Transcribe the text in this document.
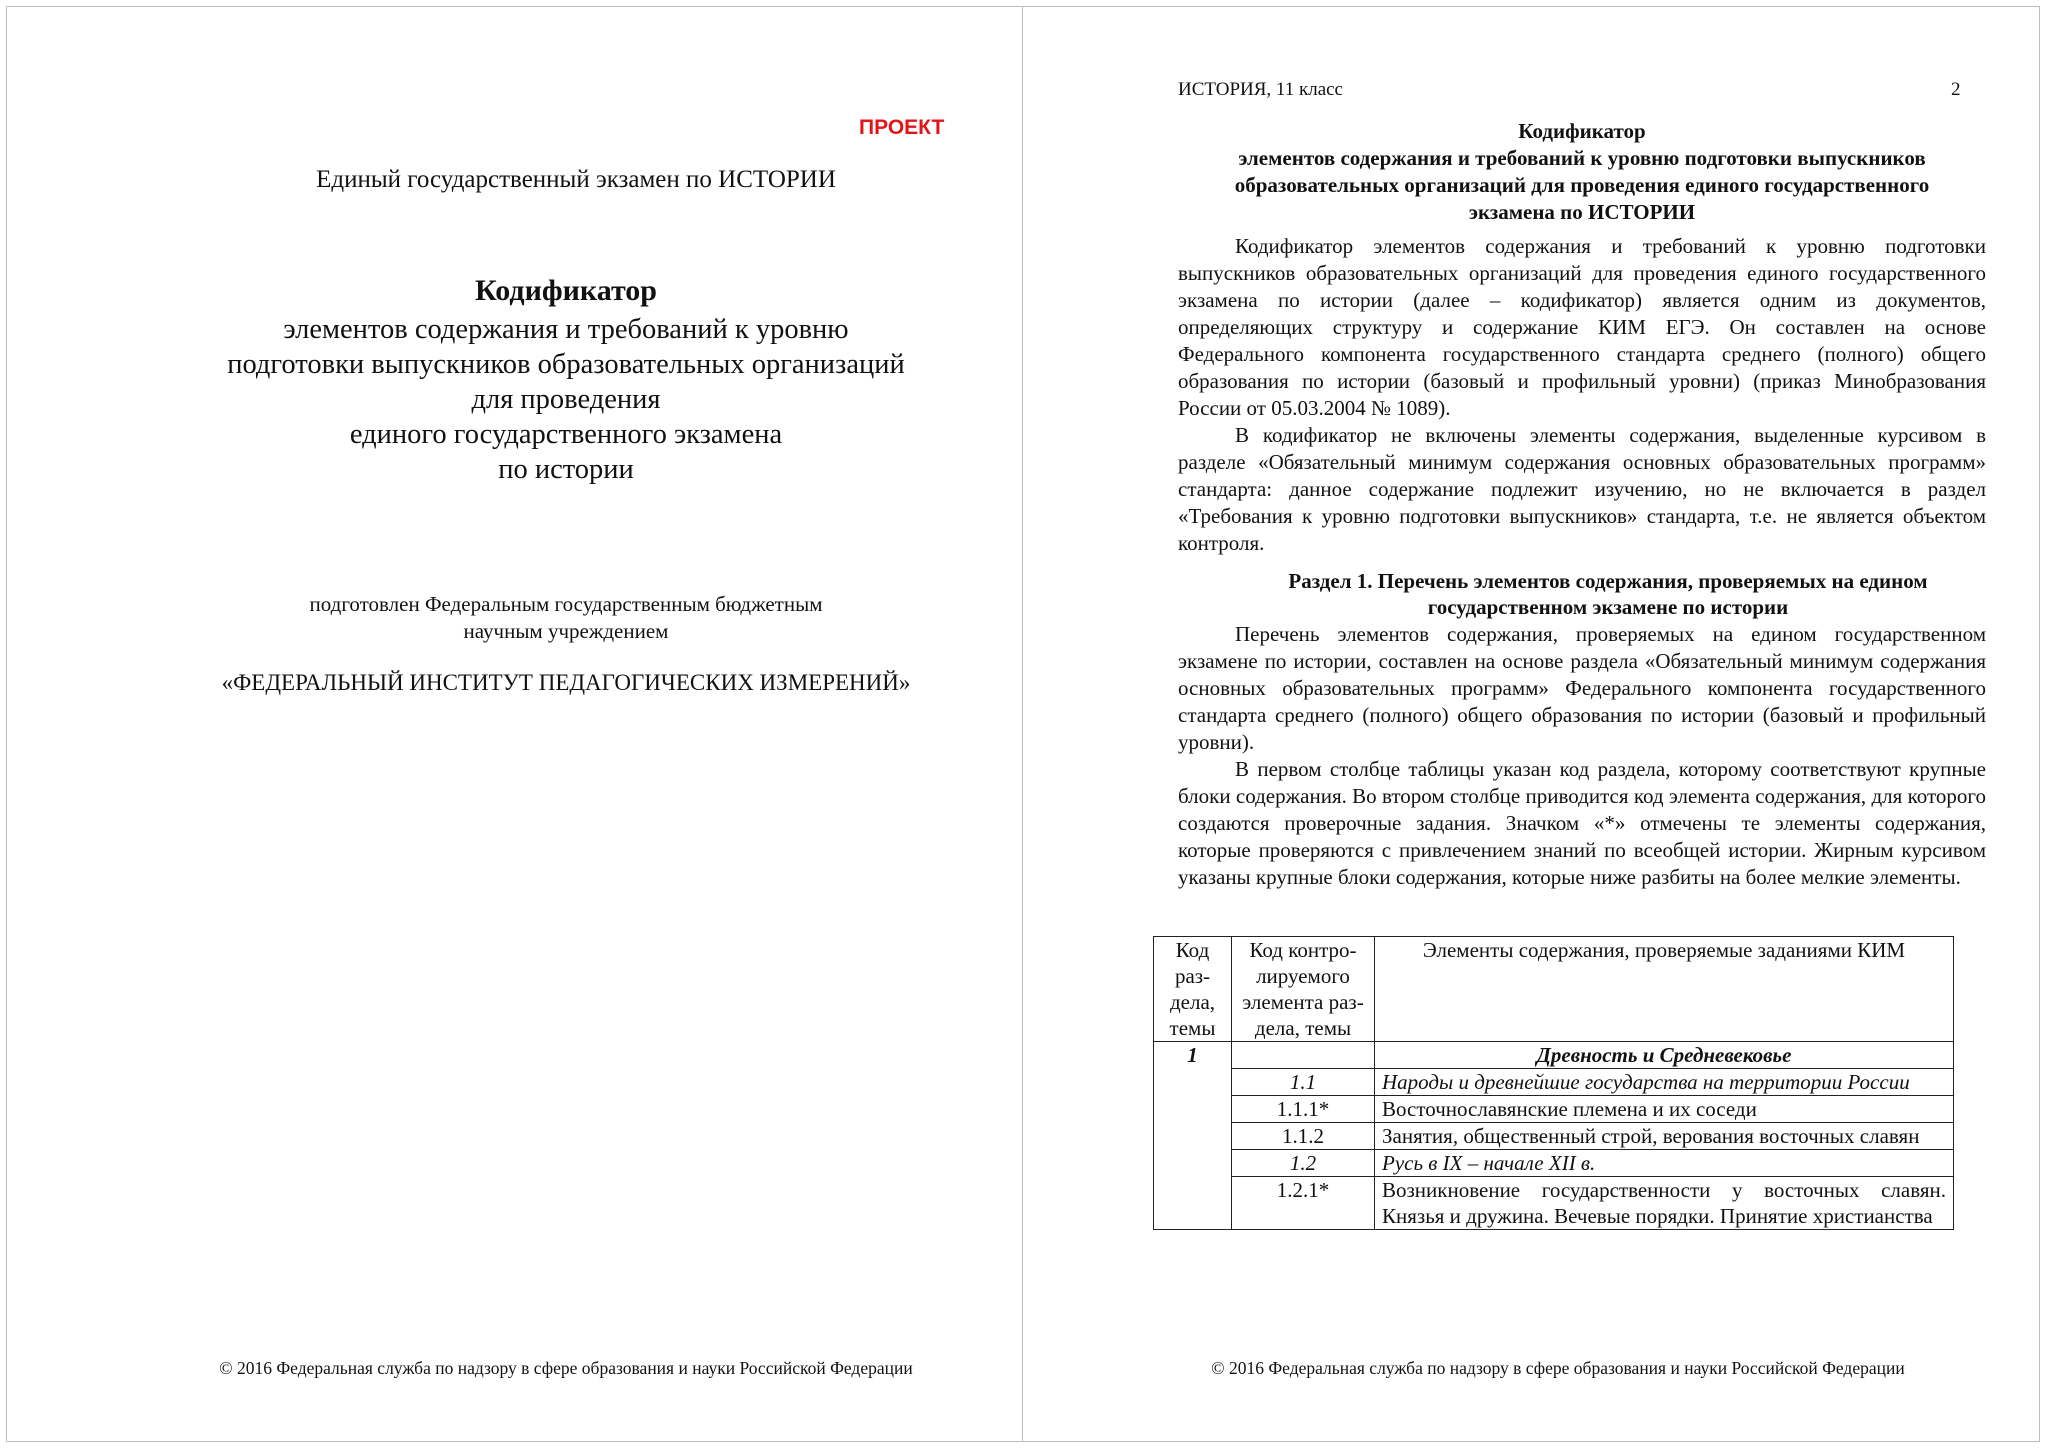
ПРОЕКТ
Единый государственный экзамен по ИСТОРИИ
Кодификатор
элементов содержания и требований к уровню
подготовки выпускников образовательных организаций
для проведения
единого государственного экзамена
по истории
подготовлен Федеральным государственным бюджетным
научным учреждением
«ФЕДЕРАЛЬНЫЙ ИНСТИТУТ ПЕДАГОГИЧЕСКИХ ИЗМЕРЕНИЙ»
© 2016 Федеральная служба по надзору в сфере образования и науки Российской Федерации
ИСТОРИЯ, 11 класс	2
Кодификатор
элементов содержания и требований к уровню подготовки выпускников
образовательных организаций для проведения единого государственного
экзамена по ИСТОРИИ

Кодификатор элементов содержания и требований к уровню подготовки выпускников образовательных организаций для проведения единого государственного экзамена по истории (далее – кодификатор) является одним из документов, определяющих структуру и содержание КИМ ЕГЭ. Он составлен на основе Федерального компонента государственного стандарта среднего (полного) общего образования по истории (базовый и профильный уровни) (приказ Минобразования России от 05.03.2004 № 1089).

В кодификатор не включены элементы содержания, выделенные курсивом в разделе «Обязательный минимум содержания основных образовательных программ» стандарта: данное содержание подлежит изучению, но не включается в раздел «Требования к уровню подготовки выпускников» стандарта, т.е. не является объектом контроля.

Раздел 1. Перечень элементов содержания, проверяемых на едином
государственном экзамене по истории

Перечень элементов содержания, проверяемых на едином государственном экзамене по истории, составлен на основе раздела «Обязательный минимум содержания основных образовательных программ» Федерального компонента государственного стандарта среднего (полного) общего образования по истории (базовый и профильный уровни).

В первом столбце таблицы указан код раздела, которому соответствуют крупные блоки содержания. Во втором столбце приводится код элемента содержания, для которого создаются проверочные задания. Значком «*» отмечены те элементы содержания, которые проверяются с привлечением знаний по всеобщей истории. Жирным курсивом указаны крупные блоки содержания, которые ниже разбиты на более мелкие элементы.

Код раз-дела, темы	Код контро-лируемого элемента раз-дела, темы	Элементы содержания, проверяемые заданиями КИМ
1		Древность и Средневековье
	1.1	Народы и древнейшие государства на территории России
	1.1.1*	Восточнославянские племена и их соседи
	1.1.2	Занятия, общественный строй, верования восточных славян
	1.2	Русь в IX – начале XII в.
	1.2.1*	Возникновение государственности у восточных славян. Князья и дружина. Вечевые порядки. Принятие христианства
© 2016 Федеральная служба по надзору в сфере образования и науки Российской Федерации
